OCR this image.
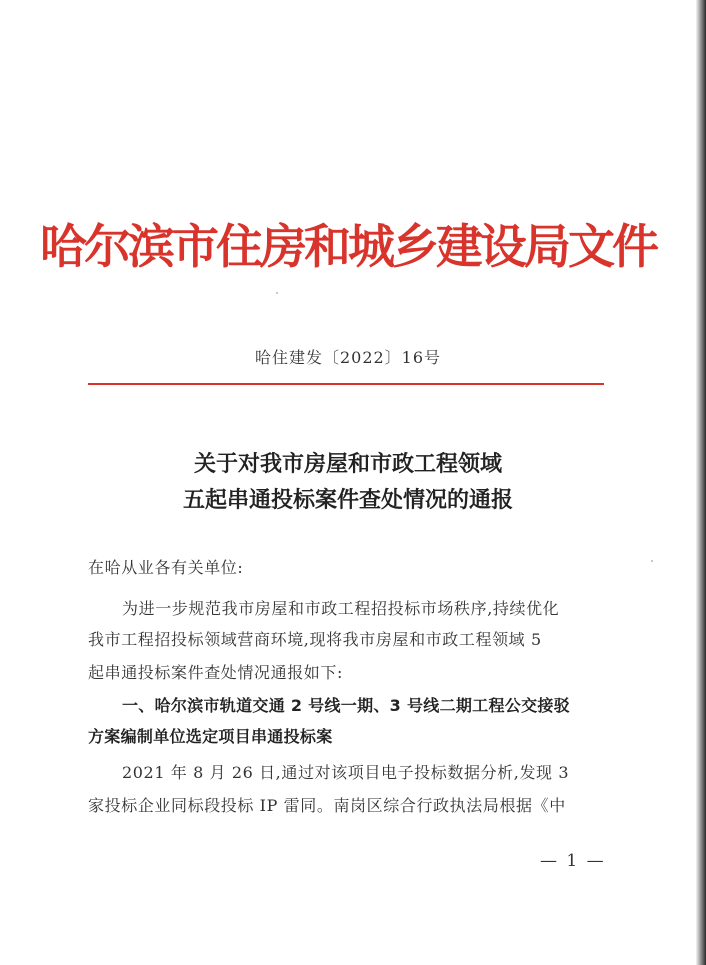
哈尔滨市住房和城乡建设局文件
哈住建发〔2022〕16号
关于对我市房屋和市政工程领域
五起串通投标案件查处情况的通报
在哈从业各有关单位:
为进一步规范我市房屋和市政工程招投标市场秩序,持续优化
我市工程招投标领域营商环境,现将我市房屋和市政工程领域 5
起串通投标案件查处情况通报如下:
一、哈尔滨市轨道交通 2 号线一期、3 号线二期工程公交接驳
方案编制单位选定项目串通投标案
2021 年 8 月 26 日,通过对该项目电子投标数据分析,发现 3
家投标企业同标段投标 IP 雷同。南岗区综合行政执法局根据《中
— 1 —
